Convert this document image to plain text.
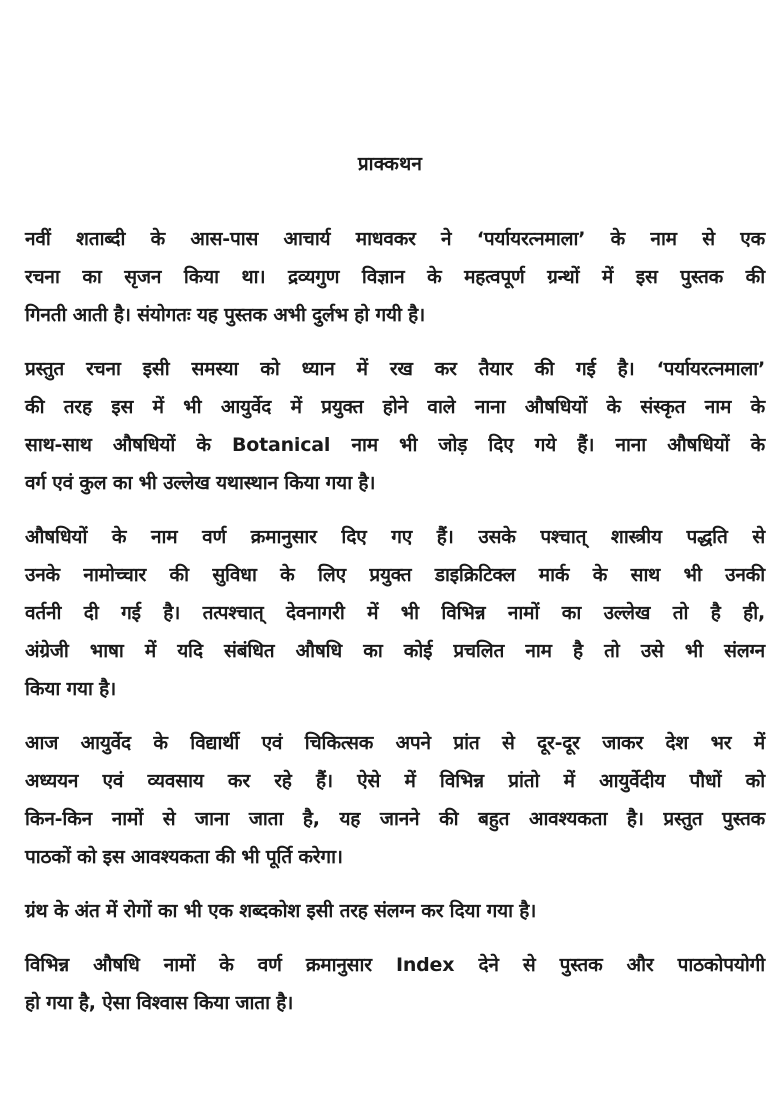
प्राक्कथन
नवीं शताब्दी के आस-पास आचार्य माधवकर ने ‘पर्यायरत्नमाला’ के नाम से एक
रचना का सृजन किया था। द्रव्यगुण विज्ञान के महत्वपूर्ण ग्रन्थों में इस पुस्तक की
गिनती आती है। संयोगतः यह पुस्तक अभी दुर्लभ हो गयी है।
प्रस्तुत रचना इसी समस्या को ध्यान में रख कर तैयार की गई है। ‘पर्यायरत्नमाला’
की तरह इस में भी आयुर्वेद में प्रयुक्त होने वाले नाना औषधियों के संस्कृत नाम के
साथ-साथ औषधियों के Botanical नाम भी जोड़ दिए गये हैं। नाना औषधियों के
वर्ग एवं कुल का भी उल्लेख यथास्थान किया गया है।
औषधियों के नाम वर्ण क्रमानुसार दिए गए हैं। उसके पश्चात् शास्त्रीय पद्धति से
उनके नामोच्चार की सुविधा के लिए प्रयुक्त डाइक्रिटिक्ल मार्क के साथ भी उनकी
वर्तनी दी गई है। तत्पश्चात् देवनागरी में भी विभिन्न नामों का उल्लेख तो है ही,
अंग्रेजी भाषा में यदि संबंधित औषधि का कोई प्रचलित नाम है तो उसे भी संलग्न
किया गया है।
आज आयुर्वेद के विद्यार्थी एवं चिकित्सक अपने प्रांत से दूर-दूर जाकर देश भर में
अध्ययन एवं व्यवसाय कर रहे हैं। ऐसे में विभिन्न प्रांतो में आयुर्वेदीय पौधों को
किन-किन नामों से जाना जाता है, यह जानने की बहुत आवश्यकता है। प्रस्तुत पुस्तक
पाठकों को इस आवश्यकता की भी पूर्ति करेगा।
ग्रंथ के अंत में रोगों का भी एक शब्दकोश इसी तरह संलग्न कर दिया गया है।
विभिन्न औषधि नामों के वर्ण क्रमानुसार Index देने से पुस्तक और पाठकोपयोगी
हो गया है, ऐसा विश्वास किया जाता है।
